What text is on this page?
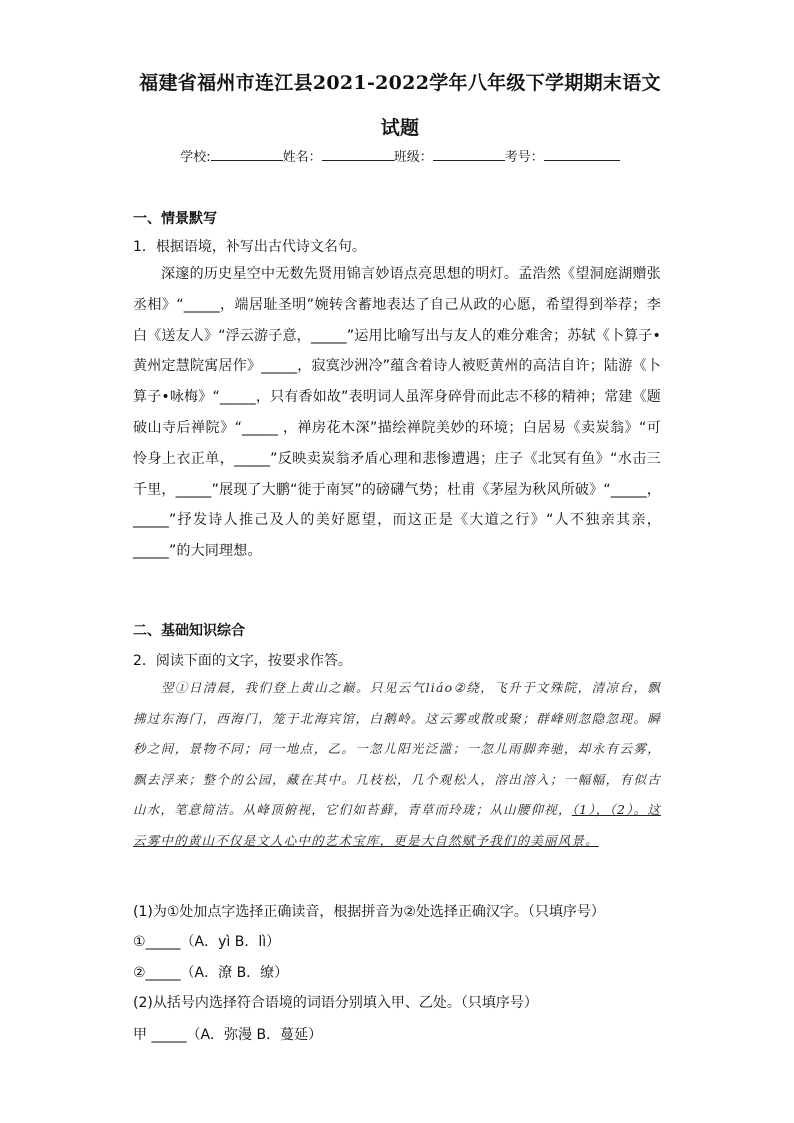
福建省福州市连江县2021-2022学年八年级下学期期末语文
试题
学校:	姓名：	班级：	考号：
一、情景默写
1．根据语境，补写出古代诗文名句。
深邃的历史星空中无数先贤用锦言妙语点亮思想的明灯。孟浩然《望洞庭湖赠张丞相》“_____，端居耻圣明”婉转含蓄地表达了自己从政的心愿，希望得到举荐；李白《送友人》“浮云游子意，_____”运用比喻写出与友人的难分难舍；苏轼《卜算子•黄州定慧院寓居作》_____，寂寞沙洲冷”蕴含着诗人被贬黄州的高洁自许；陆游《卜算子•咏梅》“_____，只有香如故”表明词人虽浑身碎骨而此志不移的精神；常建《题破山寺后禅院》“_____ ，禅房花木深”描绘禅院美妙的环境；白居易《卖炭翁》“可怜身上衣正单，_____”反映卖炭翁矛盾心理和悲惨遭遇；庄子《北冥有鱼》“水击三千里，_____”展现了大鹏“徙于南冥”的磅礴气势；杜甫《茅屋为秋风所破》“_____，_____”抒发诗人推己及人的美好愿望，而这正是《大道之行》“人不独亲其亲，_____”的大同理想。
二、基础知识综合
2．阅读下面的文字，按要求作答。
翌①日清晨，我们登上黄山之巅。只见云气liáo②绕，飞升于文殊院，清凉台，飘拂过东海门，西海门，笼于北海宾馆，白鹅岭。这云雾或散或聚；群峰则忽隐忽现。瞬秒之间，景物不同；同一地点，乙。一忽儿阳光泛滥；一忽儿雨脚奔驰，却永有云雾，飘去浮来；整个的公园，藏在其中。几枝松，几个观松人，溶出溶入；一幅幅，有似古山水，笔意简洁。从峰顶俯视，它们如苔藓，青草而玲珑；从山腰仰视，（1），（2）。这云雾中的黄山不仅是文人心中的艺术宝库，更是大自然赋予我们的美丽风景。
(1)为①处加点字选择正确读音，根据拼音为②处选择正确汉字。（只填序号）
①_____（A．yì B．lì）
②_____（A．潦 B．缭）
(2)从括号内选择符合语境的词语分别填入甲、乙处。（只填序号）
甲 _____（A．弥漫 B．蔓延）
